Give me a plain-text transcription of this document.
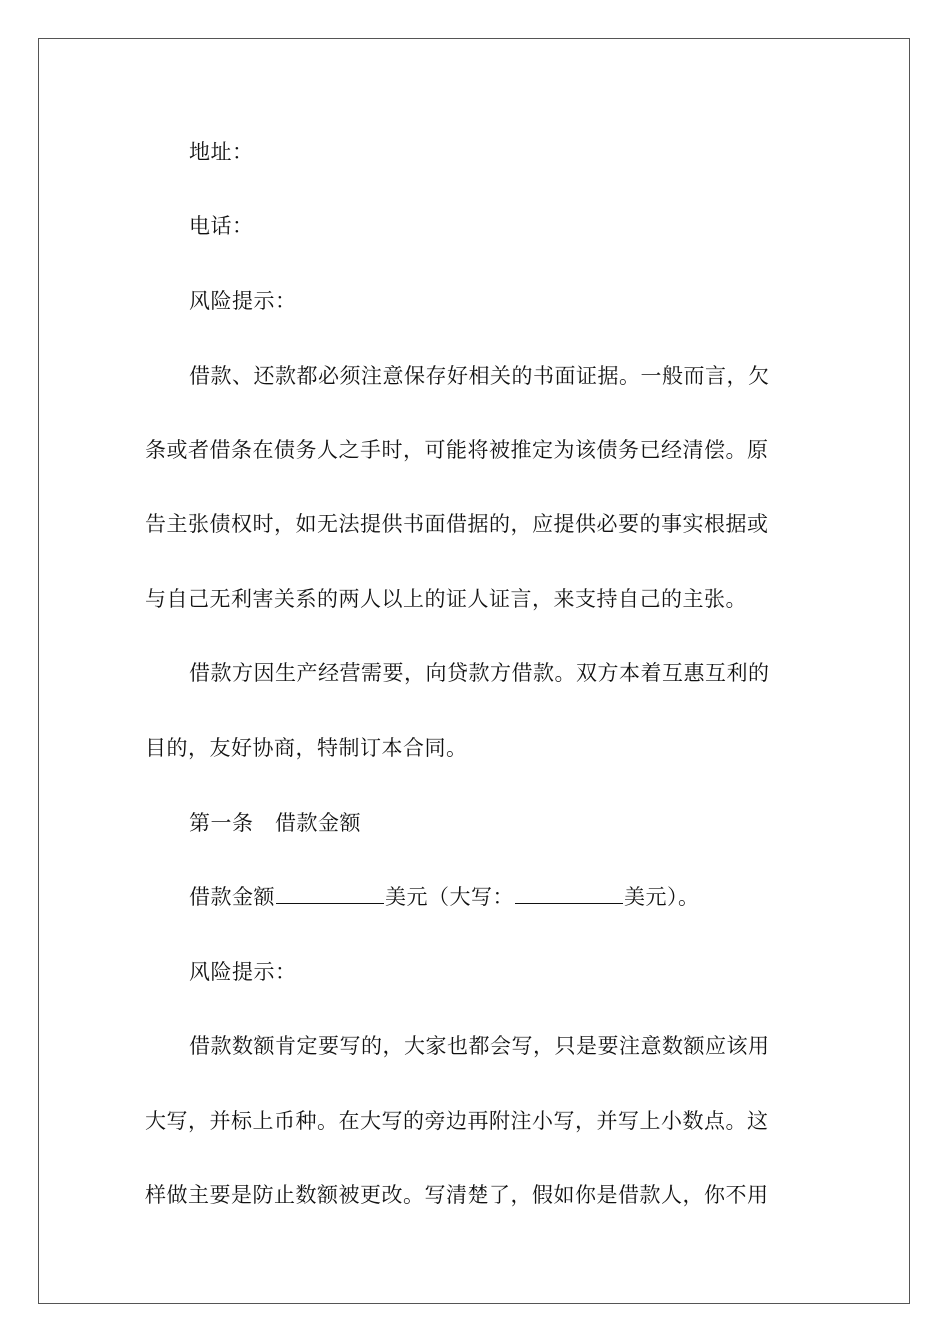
地址：
电话：
风险提示：
借款、还款都必须注意保存好相关的书面证据。一般而言，欠
条或者借条在债务人之手时，可能将被推定为该债务已经清偿。原
告主张债权时，如无法提供书面借据的，应提供必要的事实根据或
与自己无利害关系的两人以上的证人证言，来支持自己的主张。
借款方因生产经营需要，向贷款方借款。双方本着互惠互利的
目的，友好协商，特制订本合同。
第一条　借款金额
借款金额	美元（大写：	美元）。
风险提示：
借款数额肯定要写的，大家也都会写，只是要注意数额应该用
大写，并标上币种。在大写的旁边再附注小写，并写上小数点。这
样做主要是防止数额被更改。写清楚了，假如你是借款人，你不用
